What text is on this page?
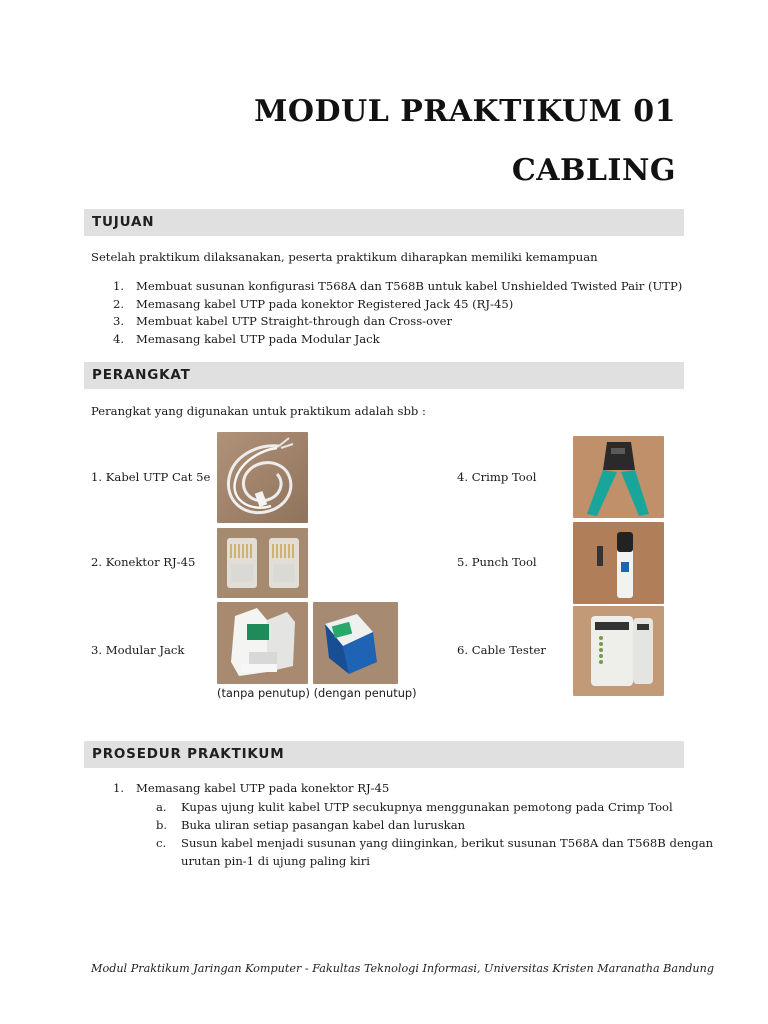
MODUL PRAKTIKUM 01
CABLING
TUJUAN
Setelah praktikum dilaksanakan, peserta praktikum diharapkan memiliki kemampuan
1. Membuat susunan konfigurasi T568A dan T568B untuk kabel Unshielded Twisted Pair (UTP)
2. Memasang kabel UTP pada konektor Registered Jack 45 (RJ-45)
3. Membuat kabel UTP Straight-through dan Cross-over
4. Memasang kabel UTP pada Modular Jack
PERANGKAT
Perangkat yang digunakan untuk praktikum adalah sbb :
1. Kabel UTP Cat 5e
2. Konektor RJ-45
3. Modular Jack
4. Crimp Tool
5. Punch Tool
6. Cable Tester
(tanpa penutup) (dengan penutup)
PROSEDUR PRAKTIKUM
1. Memasang kabel UTP pada konektor RJ-45
a. Kupas ujung kulit kabel UTP secukupnya menggunakan pemotong pada Crimp Tool
b. Buka uliran setiap pasangan kabel dan luruskan
c. Susun kabel menjadi susunan yang diinginkan, berikut susunan T568A dan T568B dengan
urutan pin-1 di ujung paling kiri
Modul Praktikum Jaringan Komputer - Fakultas Teknologi Informasi, Universitas Kristen Maranatha Bandung
